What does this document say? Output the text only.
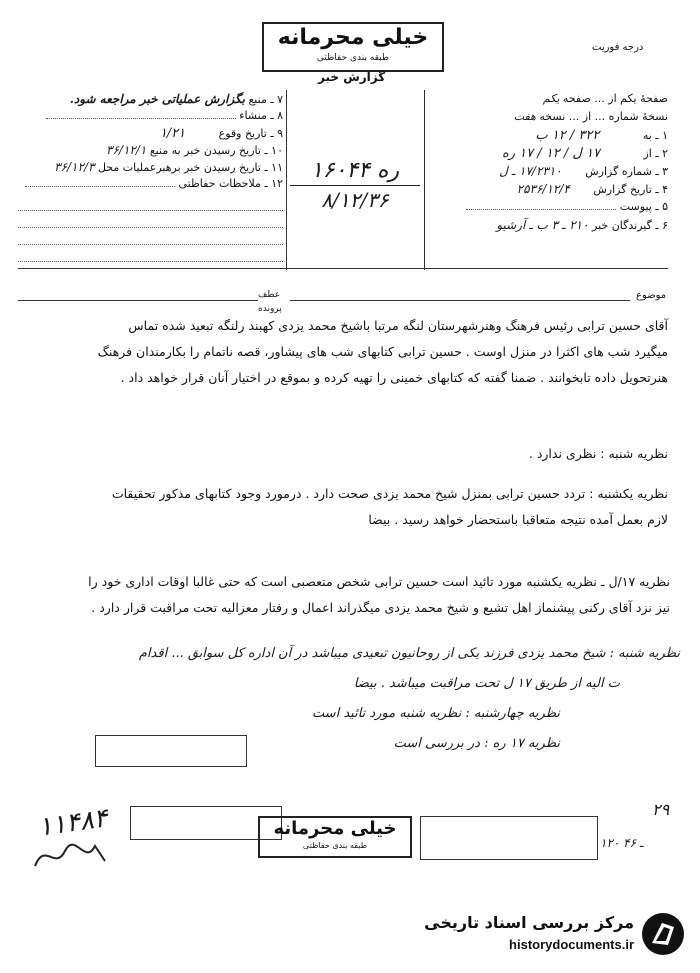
خیلی محرمانه
طبقه بندی حفاظتی
درجه فوریت
گزارش خبر
۷ ـ منبع بگزارش عملیاتی خبر مراجعه شود.
۸ ـ منشاء
۹ ـ تاریخ وقوع ۱/۲۱
۱۰ ـ تاریخ رسیدن خبر به منبع ۳۶/۱۲/۱
۱۱ ـ تاریخ رسیدن خبر برهبرعملیات محل ۳۶/۱۲/۳
۱۲ ـ ملاحظات حفاظتی
۱۶۰۴۴ ره
۸/۱۲/۳۶
صفحهٔ یکم از ... صفحه یکم
نسخهٔ شماره ... از ... نسخه هفت
۱ ـ به ۳۲۲ / ۱۲ ب
۲ ـ از ۱۷ ل / ۱۲ / ۱۷ ره
۳ ـ شماره گزارش ۱۷/۲۳۱۰ ـ ل
۴ ـ تاریخ گزارش ۲۵۳۶/۱۲/۴
۵ ـ پیوست
۶ ـ گیرندگان خبر ۲۱۰ ـ ۳ ب ـ آرشیو
موضوع
عطف
پرونده
آقای حسین ترابی رئیس فرهنگ وهنرشهرستان لنگه مرتبا باشیخ محمد یزدی کهبند رلنگه تبعید شده تماس
میگیرد شب های اکثرا در منزل اوست . حسین ترابی کتابهای شب های پیشاور، قصه ناتمام را بکارمندان فرهنگ
هنرتحویل داده تابخوانند . ضمنا گفته که کتابهای خمینی را تهیه کرده و بموقع در اختیار آنان قرار خواهد داد .
نظریه شنبه : نظری ندارد .
نظریه یکشنبه : تردد حسین ترابی بمنزل شیخ محمد یزدی صحت دارد . درمورد وجود کتابهای مذکور تحقیقات
لازم بعمل آمده نتیجه متعاقبا باستحضار خواهد رسید . بیضا
نظریه ۱۷/ل ـ نظریه یکشنبه مورد تائید است حسین ترابی شخص متعصبی است که حتی غالبا اوقات اداری خود را
نیز نزد آقای رکنی پیشنماز اهل تشیع و شیخ محمد یزدی میگذراند اعمال و رفتار معزالیه تحت مراقبت قرار دارد .
نظریه شنبه : شیخ محمد یزدی فرزند یکی از روحانیون تبعیدی میباشد در آن اداره کل سوابق ... اقدام
ت الیه از طریق ۱۷ ل تحت مراقبت میباشد . بیضا
نظریه چهارشنبه : نظریه شنبه مورد تائید است
نظریه ۱۷ ره : در بررسی است
۱۱۴۸۴	خیلی محرمانه
طبقه بندی حفاظتی
۲۹
۱۲۰ ـ ۴۶
مرکز بررسی اسناد تاریخی
historydocuments.ir
